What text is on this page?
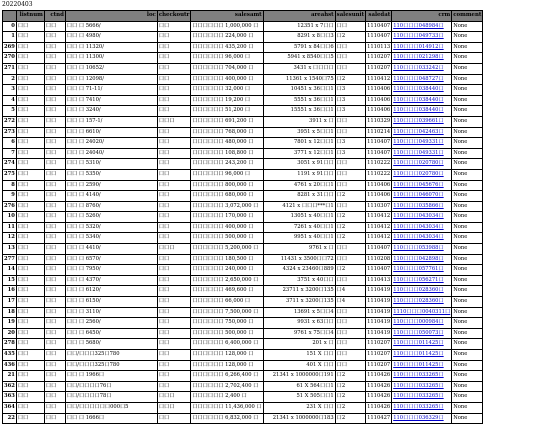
20220403
	listnum	ctnd	loc	checkoutr	salesamt	areahst	salesunit	saledat	crm	comment
0	口口	口口	口口 口 5666/	口口	口口口口口口 1,000,000 口	12351 x 7口口	口口	1110407	110口口口048984口	None
1	口口	口口	口口 口 4980/	口口	口口口口口口 224,000 口	8291 x 8口口3	口2	1110407	110口口口049733口	None
269	口口	口口	口口 口 11320/	口口	口口口口口口 435,200 口	5791 x 84口口6	口口	1110113	110口口口014912口	None
270	口口	口口	口口 口 11300/	口口	口口口口口口 96,000 口	5941 x 8540口口5	口口	1110207	110口口口021298口	None
271	口口	口口	口口 口 10652/	口口	口口口口口口 704,000 口	3431 x 口口口口	口口	1110207	110口口口033242口	None
2	口口	口口	口口 口 12098/	口口	口口口口口口 400,000 口	11361 x 1540口75	口2	1110412	110口口口048727口	None
3	口口	口口	口口 口 71-11/	口口	口口口口口口 32,000 口	10451 x 36口口1	口3	1110406	110口口口038440口	None
4	口口	口口	口口 口 7410/	口口	口口口口口口 19,200 口	5551 x 36口口1	口3	1110406	110口口口038440口	None
5	口口	口口	口口 口 3240/	口口	口口口口口口 51,200 口	15551 x 36口口1	口3	1110406	110口口口038440口	None
272	口口	口口	口口 口 157-1/	口口口	口口口口口口 691,200 口	3911 x 口	口口	1110329	110口口口039661口	None
273	口口	口口	口口 口 6610/	口口	口口口口口口 768,000 口	3951 x 5口口1	口口	1110214	110口口口042463口	None
6	口口	口口	口口 口 24020/	口口	口口口口口口 480,000 口	7801 x 12口口1	口3	1110407	110口口口049331口	None
7	口口	口口	口口 口 24040/	口口	口口口口口口 108,800 口	3771 x 12口口1	口3	1110407	110口口口049331口	None
274	口口	口口	口口 口 5310/	口口	口口口口口口 243,200 口	3051 x 91口口	口口	1110222	110口口口020780口	None
275	口口	口口	口口 口 5350/	口口	口口口口口口 96,000 口	1191 x 91口口	口口	1110222	110口口口020780口	None
8	口口	口口	口口 口 2590/	口口	口口口口口口 800,000 口	4761 x 20口口1	口口	1110406	110口口口045676口	None
9	口口	口口	口口 口 4140/	口口	口口口口口口 680,000 口	8281 x 31口口	口2	1110406	110口口口046070口	None
276	口口	口口	口口 口 8760/	口口	口口口口口口 3,072,000 口	4121 x 口口口***口1	口口	1110307	110口口口035866口	None
10	口口	口口	口口 口 5260/	口口	口口口口口口 170,000 口	13051 x 40口口1	口2	1110412	110口口口043034口	None
11	口口	口口	口口 口 5320/	口口	口口口口口口 400,000 口	7261 x 40口口1	口2	1110412	110口口口043034口	None
12	口口	口口	口口 口 5340/	口口	口口口口口口 500,000 口	9951 x 40口口1	口2	1110412	110口口口043034口	None
13	口口	口口	口口 口 4410/	口口口	口口口口口口 5,200,000 口	9761 x 口	口口	1110407	110口口口053988口	None
277	口口	口口	口口 口 6570/	口口	口口口口口口 180,500 口	11431 x 3500口口72	口口	1110208	110口口口042898口	None
14	口口	口口	口口 口 7950/	口口	口口口口口口 240,000 口	4324 x 23460口889	口2	1110407	110口口口057761口	None
15	口口	口口	口口 口 4370/	口口	口口口口口口 2,650,000 口	3751 x 40口口	口口	1110413	110口口口056271口	None
16	口口	口口	口口 口 6120/	口口	口口口口口口 469,600 口	23711 x 3200口135	口4	1110419	110口口口028360口	None
17	口口	口口	口口 口 6150/	口口	口口口口口口 66,000 口	3711 x 3200口135	口4	1110419	110口口口028360口	None
18	口口	口口	口口 口 3110/	口口	口口口口口口 7,500,000 口	13691 x 5口口4	口口	1110419	1110口口口0040311口	None
19	口口	口口	口口 口 2560/	口口	口口口口口口 750,000 口	9931 x 63口口	口口	1110419	110口口口000984口	None
20	口口	口口	口口 口 6450/	口口	口口口口口口 500,000 口	9761 x 75口口4	口口	1110419	110口口口050073口	None
278	口口	口口	口口 口 5680/	口口	口口口口口口 6,400,000 口	201 x 口	口口	1110207	110口口口011425口	None
435	口口	口口	口口/口口口325口780	口口	口口口口口口 128,000 口	151 X 口口	口口	1110207	110口口口011425口	None
436	口口	口口	口口/口口口325口780	口口	口口口口口口 128,000 口	401 X 口口	口口	1110207	110口口口011425口	None
21	口口	口口	口口 口 1966口	口口	口口口口口口 6,266,400 口	21341 x 1000000口191	口2	1110426	110口口口033265口	None
362	口口	口口	口口/口口口口76口	口口	口口口口口口 2,702,400 口	61 X 564口口1	口2	1110426	110口口口033265口	None
363	口口	口口	口口/口口口口78口	口口口	口口口口口口 2,400 口	51 X 505口口1	口2	1110426	110口口口033265口	None
364	口口	口口	口口/口口口口口口000口5	口口口	口口口口口口 11,436,000 口	231 X 口口	口2	1110426	110口口口033265口	None
22	口口	口口	口口 口 1666口	口口	口口口口口口 6,832,000 口	21341 x 1000000口183	口2	1110427	110口口口036329口	None
